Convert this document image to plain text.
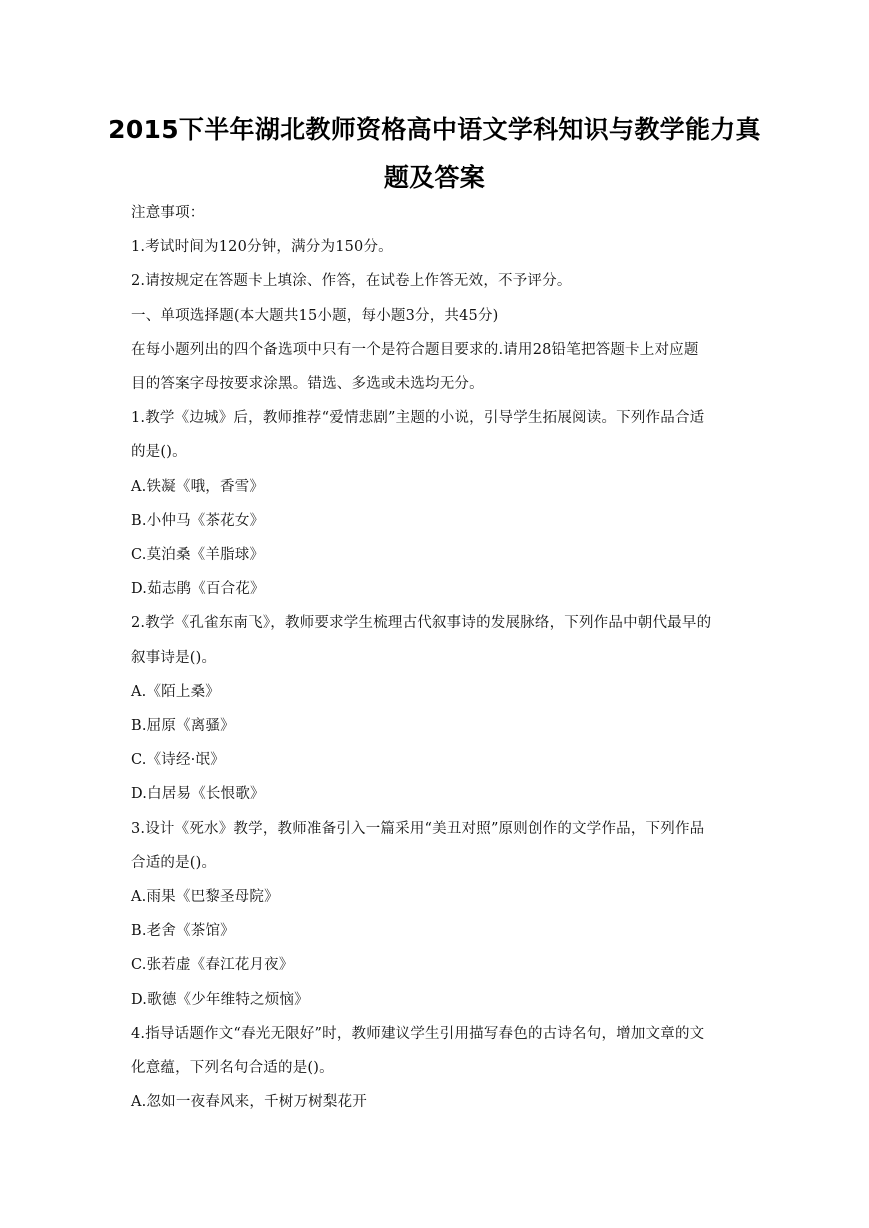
2015下半年湖北教师资格高中语文学科知识与教学能力真
题及答案
注意事项：
1.考试时间为120分钟，满分为150分。
2.请按规定在答题卡上填涂、作答，在试卷上作答无效，不予评分。
一、单项选择题(本大题共15小题，每小题3分，共45分)
在每小题列出的四个备选项中只有一个是符合题目要求的.请用28铅笔把答题卡上对应题
目的答案字母按要求涂黑。错选、多选或未选均无分。
1.教学《边城》后，教师推荐“爱情悲剧”主题的小说，引导学生拓展阅读。下列作品合适
的是()。
A.铁凝《哦，香雪》
B.小仲马《茶花女》
C.莫泊桑《羊脂球》
D.茹志鹃《百合花》
2.教学《孔雀东南飞》，教师要求学生梳理古代叙事诗的发展脉络，下列作品中朝代最早的
叙事诗是()。
A.《陌上桑》
B.屈原《离骚》
C.《诗经·氓》
D.白居易《长恨歌》
3.设计《死水》教学，教师准备引入一篇采用“美丑对照”原则创作的文学作品，下列作品
合适的是()。
A.雨果《巴黎圣母院》
B.老舍《茶馆》
C.张若虚《春江花月夜》
D.歌德《少年维特之烦恼》
4.指导话题作文“春光无限好”时，教师建议学生引用描写春色的古诗名句，增加文章的文
化意蕴，下列名句合适的是()。
A.忽如一夜春风来，千树万树梨花开
